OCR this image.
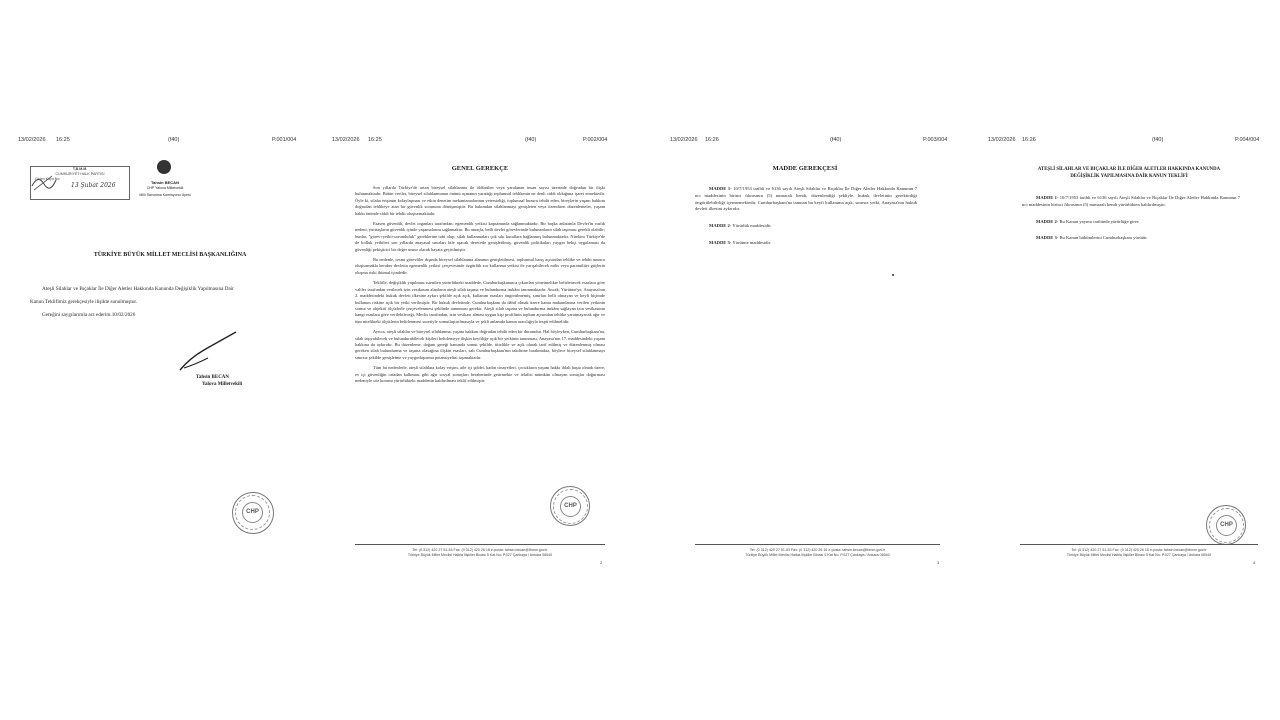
13/02/2026 16:25	(f40)	P.001/004
T.B.M.M.
CUMHURİYET HALK PARTİSİ
Gelen Kayıt No:
13 Şubat 2026	Tahsin BECAN
CHP Yalova Milletvekili
Milli Savunma Komisyonu Üyesi
TÜRKİYE BÜYÜK MİLLET MECLİSİ BAŞKANLIĞINA
Ateşli Silahlar ve Bıçaklar İle Diğer Aletler Hakkında Kanunda Değişiklik Yapılmasına Dair
Kanun Teklifimiz gerekçesiyle ilişikte sunulmuştur.
Gereğini saygılarımla arz ederim.10/02/2026
Tahsin BECAN
Yalova Milletvekili
CHP
13/02/2026 16:25	(f40)	P.002/004
GENEL GEREKÇE

Son yıllarda Türkiye'de artan bireysel silahlanma ile öldürülen veya yaralanan insan sayısı üzerinde doğrudan bir ilişki bulunmaktadır. Bütün veriler, bireysel silahlanmanın önünü açmanın yarattığı toplumsal tehlikenin ne denli ciddi olduğuna işaret etmektedir. Öyle ki, silaha erişimin kolaylaşması ve etkin denetim mekanizmalarının yetersizliği, toplumsal huzuru tehdit eden, bireylerin yaşam hakkını doğrudan tehlikeye atan bir güvenlik sorununa dönüşmüştür. Bu bakımdan silahlanmayı genişleten veya özendiren düzenlemeler, yaşam hakkı önünde ciddi bir tehdit oluşturmaktadır.

Esasen güvenlik, devlet organları tarafından, egemenlik yetkisi kapsamında sağlanmaktadır. Bir başka anlatımla Devlet'in varlık nedeni, yurttaşların güvenlik içinde yaşamalarını sağlamaktır. Bu amaçla, belli devlet görevlerinde bulunanların silah taşıması gerekli olabilir; bunlar, "görev+yetki+sorumluluk" gereklerine tabi olup, silah kullanmaları çok sıkı kurallara bağlanmış bulunmaktadır. Nitekim Türkiye'de de kolluk yetkileri son yıllarda anayasal sınırları bile aşacak derecede genişletilmiş, güvenlik politikaları yaygın bekçi uygulaması da güvenliği pekiştirici bir değer unsur olarak hayata geçirilmiştir.

Bu nedenle, resmi görevliler dışında bireysel silahlanma alanının genişletilmesi, toplumsal barış açısından tehlike ve tehdit unsuru oluşturmakla beraber devletin egemenlik yetkisi çerçevesinde özgürlük zor kullanma yetkisi ile yarışabilecek milis veya paramiliter güçlerin oluşma riski ihtimal içindedir.

Teklifle, değişiklik yapılması istenilen yürürlükteki maddede, Cumhurbaşkanınca çıkarılan yönetmelikte belirlenecek esaslara göre valiler tarafından verilecek izin vesikasını alanların ateşli silah taşıma ve bulundurma imkânı tanınmaktadır. Ancak, Yürütme'ye, Anayasa'nın 2. maddesindeki hukuk devleti ilkesine aykırı şekilde açık açık, kullanım esasları öngörülmemiş, sınırları belli olmayan ve keyfi biçimde kullanım riskine açık bir yetki verilmiştir. Bir hukuk devletinde, Cumhurbaşkanı da dâhil olmak üzere kamu makamlarına verilen yetkinin somut ve objektif ölçütlerle çerçevelenmesi şeklinde tanınması gerekir. Ateşli silah taşıma ve bulundurma imkânı sağlayan izin vesikasının hangi esaslara göre verilebileceği, Meclis tarafından, izin vesikası alması uygun kişi profilinin toplum açısından tehlike yaratmayacak ağır ve tüm nitelikteki ölçütlerin belirlenmesi suretiyle somutlaştırılmasıyla ve şekli anlamda kanun aracılığıyla tespit edilmelidir.

Ayrıca, ateşli silahlar ve bireysel silahlanma, yaşam hakkını doğrudan tehdit eden bir durumdur. Hal böyleyken, Cumhurbaşkanı'na, silah taşıyabilecek ve bulundurabilecek kişileri belirlemeye ilişkin keyfiliğe açık bir yetkinin tanınması, Anayasa'nın 17. maddesindeki yaşam hakkına da aykırıdır. Bu düzenleme, doğanı gereği kanunda somut şekilde, titizlikle ve açık olarak tarif edilmiş ve düzenlenmiş olması gereken silah bulundurma ve taşıma olasağına ilişkin esasları, salt Cumhurbaşkanı'nın takdirine bırakmakta, böylece bireysel silahlanmayı sınırsız şekilde genişletme ve yaygınlaştırma potansiyelini taşımaktadır.

Tüm bu nedenlerle, ateşli silahlara kolay erişim, aile içi şiddet, kadın cinayetleri, çocukların yaşam hakkı ihlali başta olmak üzere, ev içi güvenliğin ortadan kalkması gibi ağır sosyal sonuçları beraberinde getirmekte ve telafisi mümkün olmayan sonuçlar doğurması nedeniyle söz konusu yürürlükteki maddenin kaldırılması teklif edilmiştir.

CHP
Tel: (0 312) 420 27 51-53 Fax: (0 312) 420 26 16 e-posta: tahsin.becan@tbmm.gov.tr
Türkiye Büyük Millet Meclisi Halkla İlişkiler Binası 5 Kat No: P.027 Çankaya / Ankara 06540
2
13/02/2026 16:26	(f40)	P.003/004
MADDE GEREKÇESİ

MADDE 1- 10/7/1953 tarihli ve 6136 sayılı Ateşli Silahlar ve Bıçaklar İle Diğer Aletler Hakkında Kanunun 7 nci maddesinin birinci fıkrasının (5) numaralı bendi, düzenlendiği şekliyle, hukuk devletinin gerektirdiği öngörülebilirliği içermemektedir. Cumhurbaşkanı'na tanınan bu keyfi kullanıma açık, sınırsız yetki, Anayasa'nın hukuk devleti ilkesini aykırıdır.

MADDE 2- Yürürlük maddesidir.

MADDE 3- Yürütme maddesidir.

Tel: (0 312) 420 27 51-53 Fax: (0 312) 420 26 16 e-posta: tahsin.becan@tbmm.gov.tr
Türkiye Büyük Millet Meclisi Halkla İlişkiler Binası 5 Kat No: P.027 Çankaya / Ankara 06540
3
13/02/2026 16:26	(f40)	P.004/004
ATEŞLİ SİLAHLAR VE BIÇAKLAR İLE DİĞER ALETLER HAKKINDA KANUNDA
DEĞİŞİKLİK YAPILMASINA DAİR KANUN TEKLİFİ

MADDE 1- 10/7/1953 tarihli ve 6136 sayılı Ateşli Silahlar ve Bıçaklar İle Diğer Aletler Hakkında Kanunun 7 nci maddesinin birinci fıkrasının (5) numaralı bendi yürürlükten kaldırılmıştır.

MADDE 2- Bu Kanun yayımı tarihinde yürürlüğe girer.

MADDE 3- Bu Kanun hükümlerini Cumhurbaşkanı yürütür.

CHP
Tel: (0 312) 420 27 51-53 Fax: (0 312) 420 26 16 e-posta: tahsin.becan@tbmm.gov.tr
Türkiye Büyük Millet Meclisi Halkla İlişkiler Binası 5 Kat No: P.027 Çankaya / Ankara 06540
4
